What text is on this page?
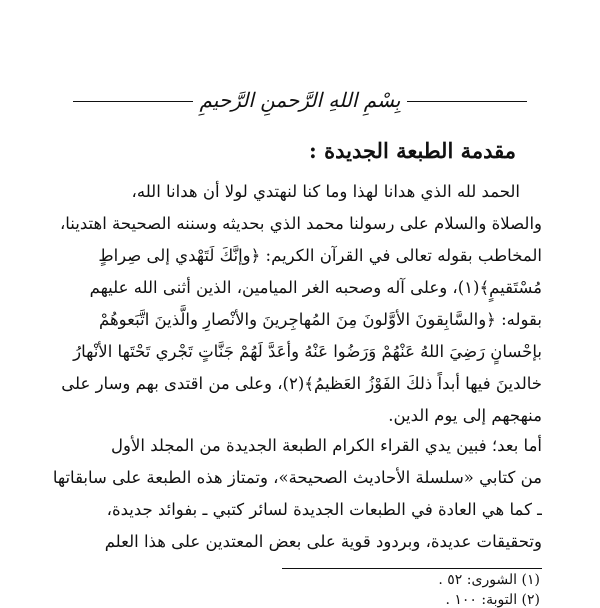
بِسْمِ اللهِ الرَّحمنِ الرَّحيمِ
مقدمة الطبعة الجديدة :
الحمد لله الذي هدانا لهذا وما كنا لنهتدي لولا أن هدانا الله،
والصلاة والسلام على رسولنا محمد الذي بحديثه وسننه الصحيحة اهتدينا،
المخاطب بقوله تعالى في القرآن الكريم: ﴿وإنَّكَ لَتَهْدي إلى صِراطٍ
مُسْتَقيمٍ﴾(١)، وعلى آله وصحبه الغر الميامين، الذين أثنى الله عليهم
بقوله: ﴿والسَّابِقونَ الأوَّلونَ مِنَ المُهاجِرينَ والأنْصارِ والَّذينَ اتَّبَعوهُمْ
بإحْسانٍ رَضِيَ اللهُ عَنْهُمْ وَرَضُوا عَنْهُ وأعَدَّ لَهُمْ جَنَّاتٍ تَجْري تَحْتَها الأنْهارُ
خالدينَ فيها أبداً ذلكَ الفَوْزُ العَظيمُ﴾(٢)، وعلى من اقتدى بهم وسار على
منهجهم إلى يوم الدين.
أما بعد؛ فبين يدي القراء الكرام الطبعة الجديدة من المجلد الأول
من كتابي «سلسلة الأحاديث الصحيحة»، وتمتاز هذه الطبعة على سابقاتها
ـ كما هي العادة في الطبعات الجديدة لسائر كتبي ـ بفوائد جديدة،
وتحقيقات عديدة، وبردود قوية على بعض المعتدين على هذا العلم
(١) الشورى: ٥٢ .
(٢) التوبة: ١٠٠ .
